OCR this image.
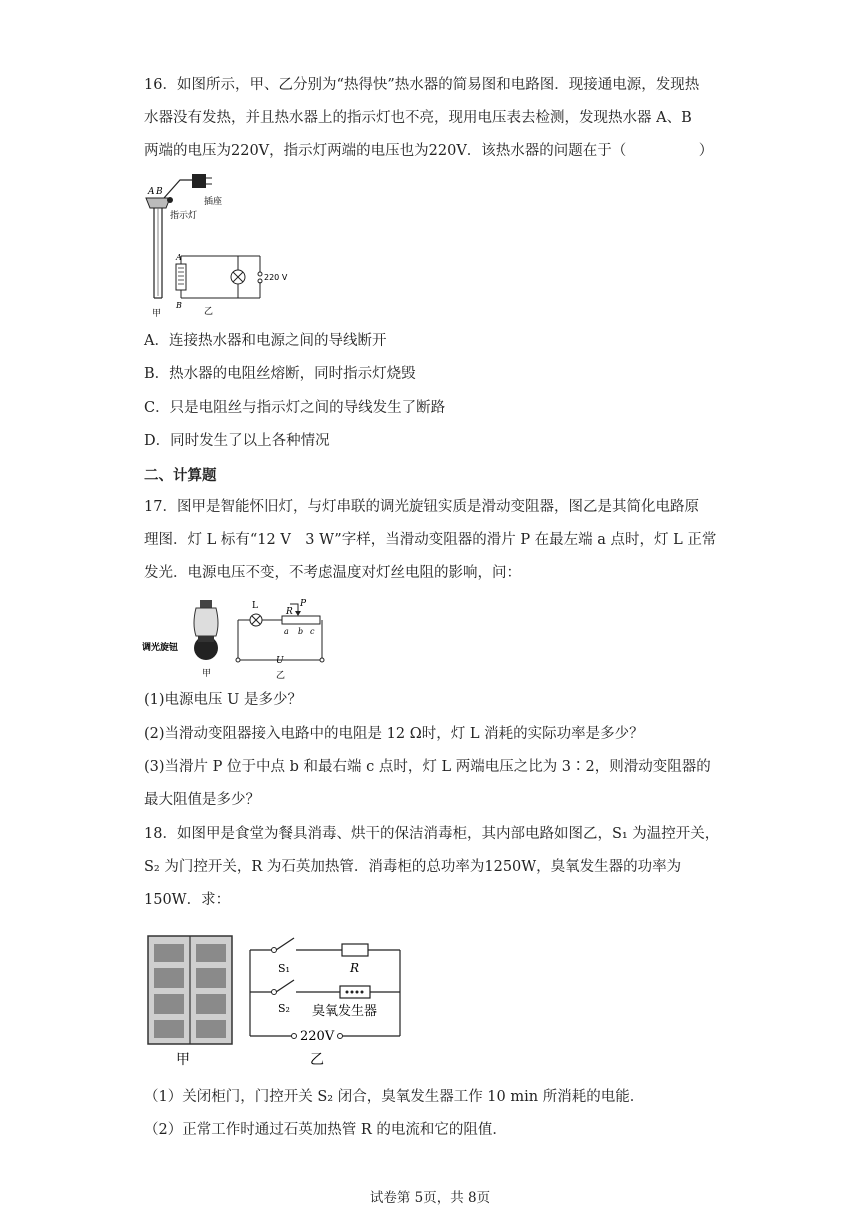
16．如图所示，甲、乙分别为“热得快”热水器的简易图和电路图．现接通电源，发现热
水器没有发热，并且热水器上的指示灯也不亮，现用电压表去检测，发现热水器 A、B
两端的电压为220V，指示灯两端的电压也为220V．该热水器的问题在于（　　　　　）
A B
插座
指示灯
A
B
220 V
甲	乙
A．连接热水器和电源之间的导线断开
B．热水器的电阻丝熔断，同时指示灯烧毁
C．只是电阻丝与指示灯之间的导线发生了断路
D．同时发生了以上各种情况
二、计算题
17．图甲是智能怀旧灯，与灯串联的调光旋钮实质是滑动变阻器，图乙是其简化电路原
理图．灯 L 标有“12 V　3 W”字样，当滑动变阻器的滑片 P 在最左端 a 点时，灯 L 正常
发光．电源电压不变，不考虑温度对灯丝电阻的影响，问：
调光旋钮
甲
L
R
P
a b c
U
乙
(1)电源电压 U 是多少？
(2)当滑动变阻器接入电路中的电阻是 12 Ω时，灯 L 消耗的实际功率是多少？
(3)当滑片 P 位于中点 b 和最右端 c 点时，灯 L 两端电压之比为 3∶2，则滑动变阻器的
最大阻值是多少？
18．如图甲是食堂为餐具消毒、烘干的保洁消毒柜，其内部电路如图乙，S₁ 为温控开关，
S₂ 为门控开关，R 为石英加热管．消毒柜的总功率为1250W，臭氧发生器的功率为
150W．求：
甲
S₁	R
S₂ 臭氧发生器
220V
乙
（1）关闭柜门，门控开关 S₂ 闭合，臭氧发生器工作 10 min 所消耗的电能．
（2）正常工作时通过石英加热管 R 的电流和它的阻值．
试卷第 5页，共 8页
